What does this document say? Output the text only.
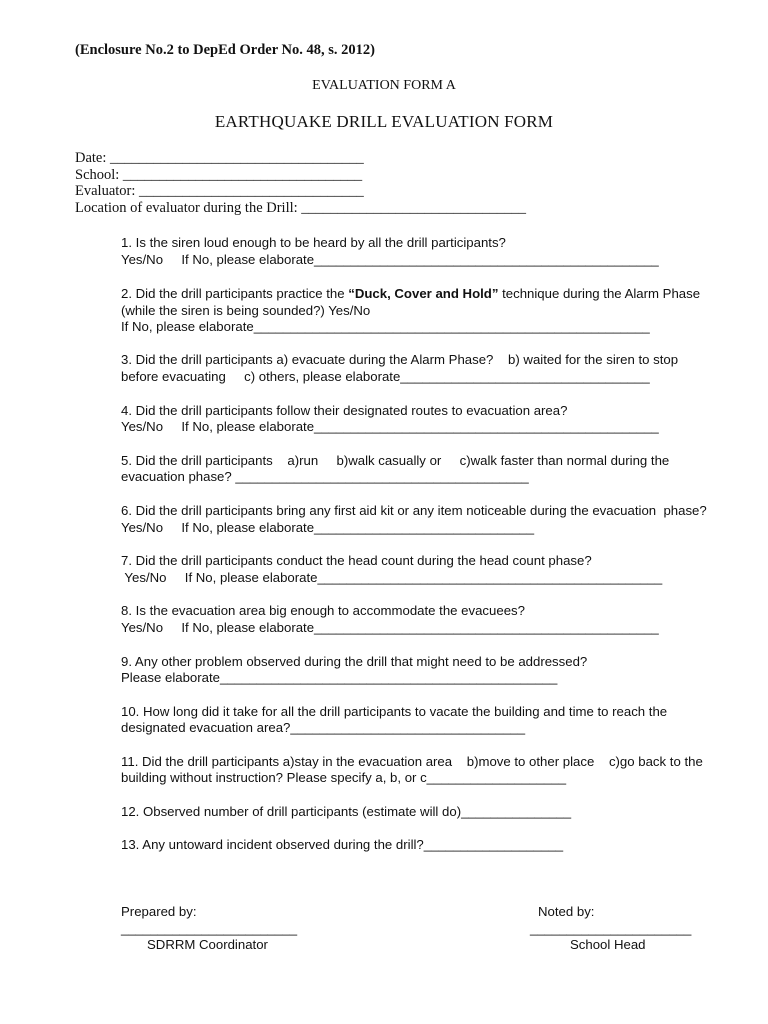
(Enclosure No.2 to DepEd Order No. 48, s. 2012)
EVALUATION FORM A
EARTHQUAKE DRILL EVALUATION FORM
Date: ___________________________________
School: _________________________________
Evaluator: _______________________________
Location of evaluator during the Drill: _______________________________
1. Is the siren loud enough to be heard by all the drill participants?
Yes/No     If No, please elaborate_______________________________________________
2. Did the drill participants practice the “Duck, Cover and Hold” technique during the Alarm Phase
(while the siren is being sounded?) Yes/No
If No, please elaborate______________________________________________________
3. Did the drill participants a) evacuate during the Alarm Phase?    b) waited for the siren to stop
before evacuating     c) others, please elaborate__________________________________
4. Did the drill participants follow their designated routes to evacuation area?
Yes/No     If No, please elaborate_______________________________________________
5. Did the drill participants    a)run     b)walk casually or     c)walk faster than normal during the
evacuation phase? ________________________________________
6. Did the drill participants bring any first aid kit or any item noticeable during the evacuation  phase?
Yes/No     If No, please elaborate______________________________
7. Did the drill participants conduct the head count during the head count phase?
Yes/No     If No, please elaborate_______________________________________________
8. Is the evacuation area big enough to accommodate the evacuees?
Yes/No     If No, please elaborate_______________________________________________
9. Any other problem observed during the drill that might need to be addressed?
Please elaborate______________________________________________
10. How long did it take for all the drill participants to vacate the building and time to reach the
designated evacuation area?________________________________
11. Did the drill participants a)stay in the evacuation area    b)move to other place    c)go back to the
building without instruction? Please specify a, b, or c___________________
12. Observed number of drill participants (estimate will do)_______________
13. Any untoward incident observed during the drill?___________________
Prepared by:
________________________
SDRRM Coordinator
Noted by:
______________________
School Head
